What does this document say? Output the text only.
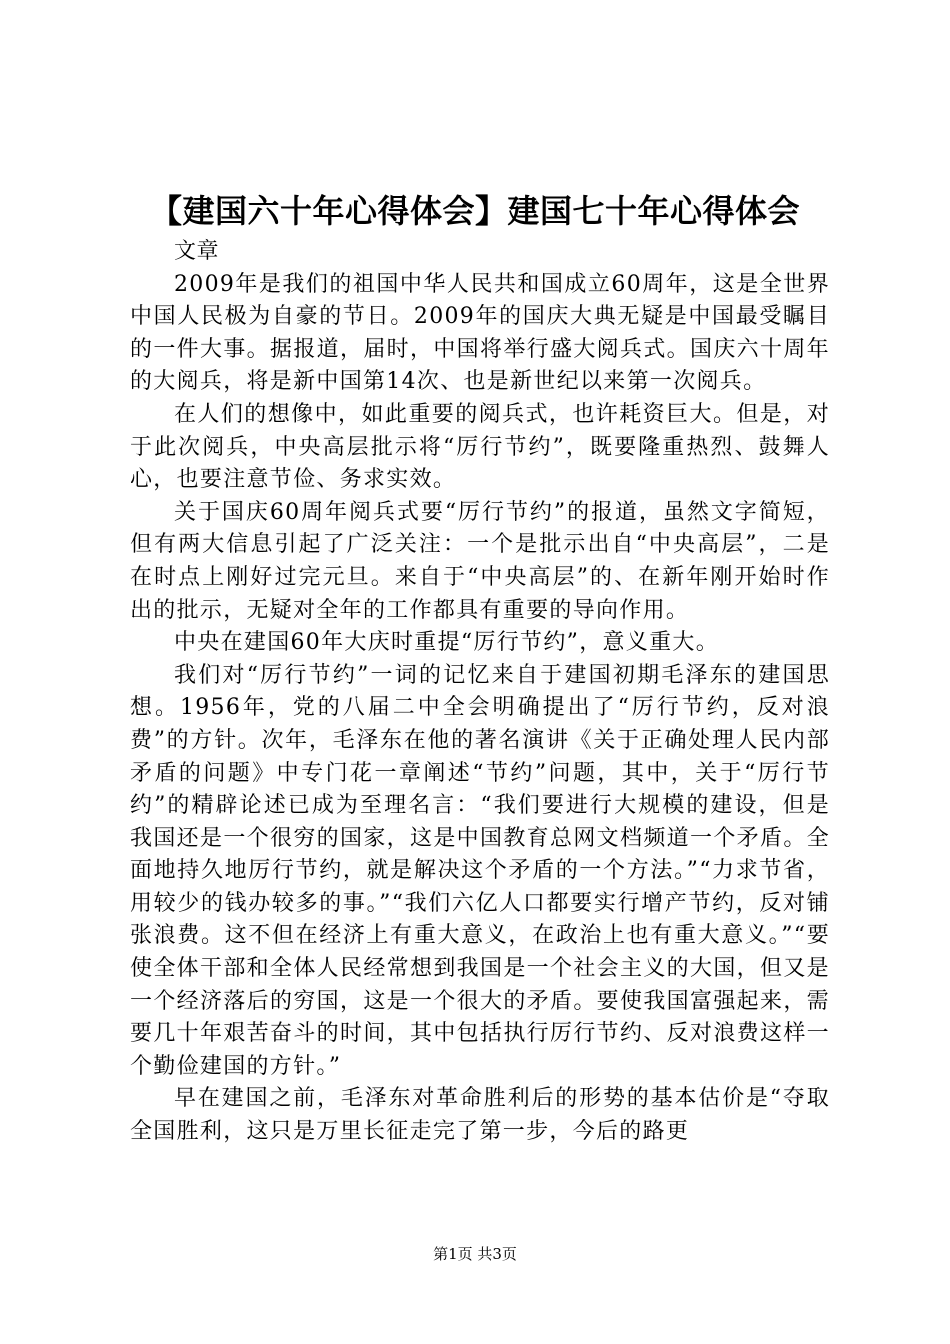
【建国六十年心得体会】建国七十年心得体会

文章

2009年是我们的祖国中华人民共和国成立60周年，这是全世界中国人民极为自豪的节日。2009年的国庆大典无疑是中国最受瞩目的一件大事。据报道，届时，中国将举行盛大阅兵式。国庆六十周年的大阅兵，将是新中国第14次、也是新世纪以来第一次阅兵。

在人们的想像中，如此重要的阅兵式，也许耗资巨大。但是，对于此次阅兵，中央高层批示将“厉行节约”，既要隆重热烈、鼓舞人心，也要注意节俭、务求实效。

关于国庆60周年阅兵式要“厉行节约”的报道，虽然文字简短，但有两大信息引起了广泛关注：一个是批示出自“中央高层”，二是在时点上刚好过完元旦。来自于“中央高层”的、在新年刚开始时作出的批示，无疑对全年的工作都具有重要的导向作用。

中央在建国60年大庆时重提“厉行节约”，意义重大。

我们对“厉行节约”一词的记忆来自于建国初期毛泽东的建国思想。1956年，党的八届二中全会明确提出了“厉行节约，反对浪费”的方针。次年，毛泽东在他的著名演讲《关于正确处理人民内部矛盾的问题》中专门花一章阐述“节约”问题，其中，关于“厉行节约”的精辟论述已成为至理名言：“我们要进行大规模的建设，但是我国还是一个很穷的国家，这是中国教育总网文档频道一个矛盾。全面地持久地厉行节约，就是解决这个矛盾的一个方法。”“力求节省，用较少的钱办较多的事。”“我们六亿人口都要实行增产节约，反对铺张浪费。这不但在经济上有重大意义，在政治上也有重大意义。”“要使全体干部和全体人民经常想到我国是一个社会主义的大国，但又是一个经济落后的穷国，这是一个很大的矛盾。要使我国富强起来，需要几十年艰苦奋斗的时间，其中包括执行厉行节约、反对浪费这样一个勤俭建国的方针。”

早在建国之前，毛泽东对革命胜利后的形势的基本估价是“夺取全国胜利，这只是万里长征走完了第一步，今后的路更

第1页 共3页
